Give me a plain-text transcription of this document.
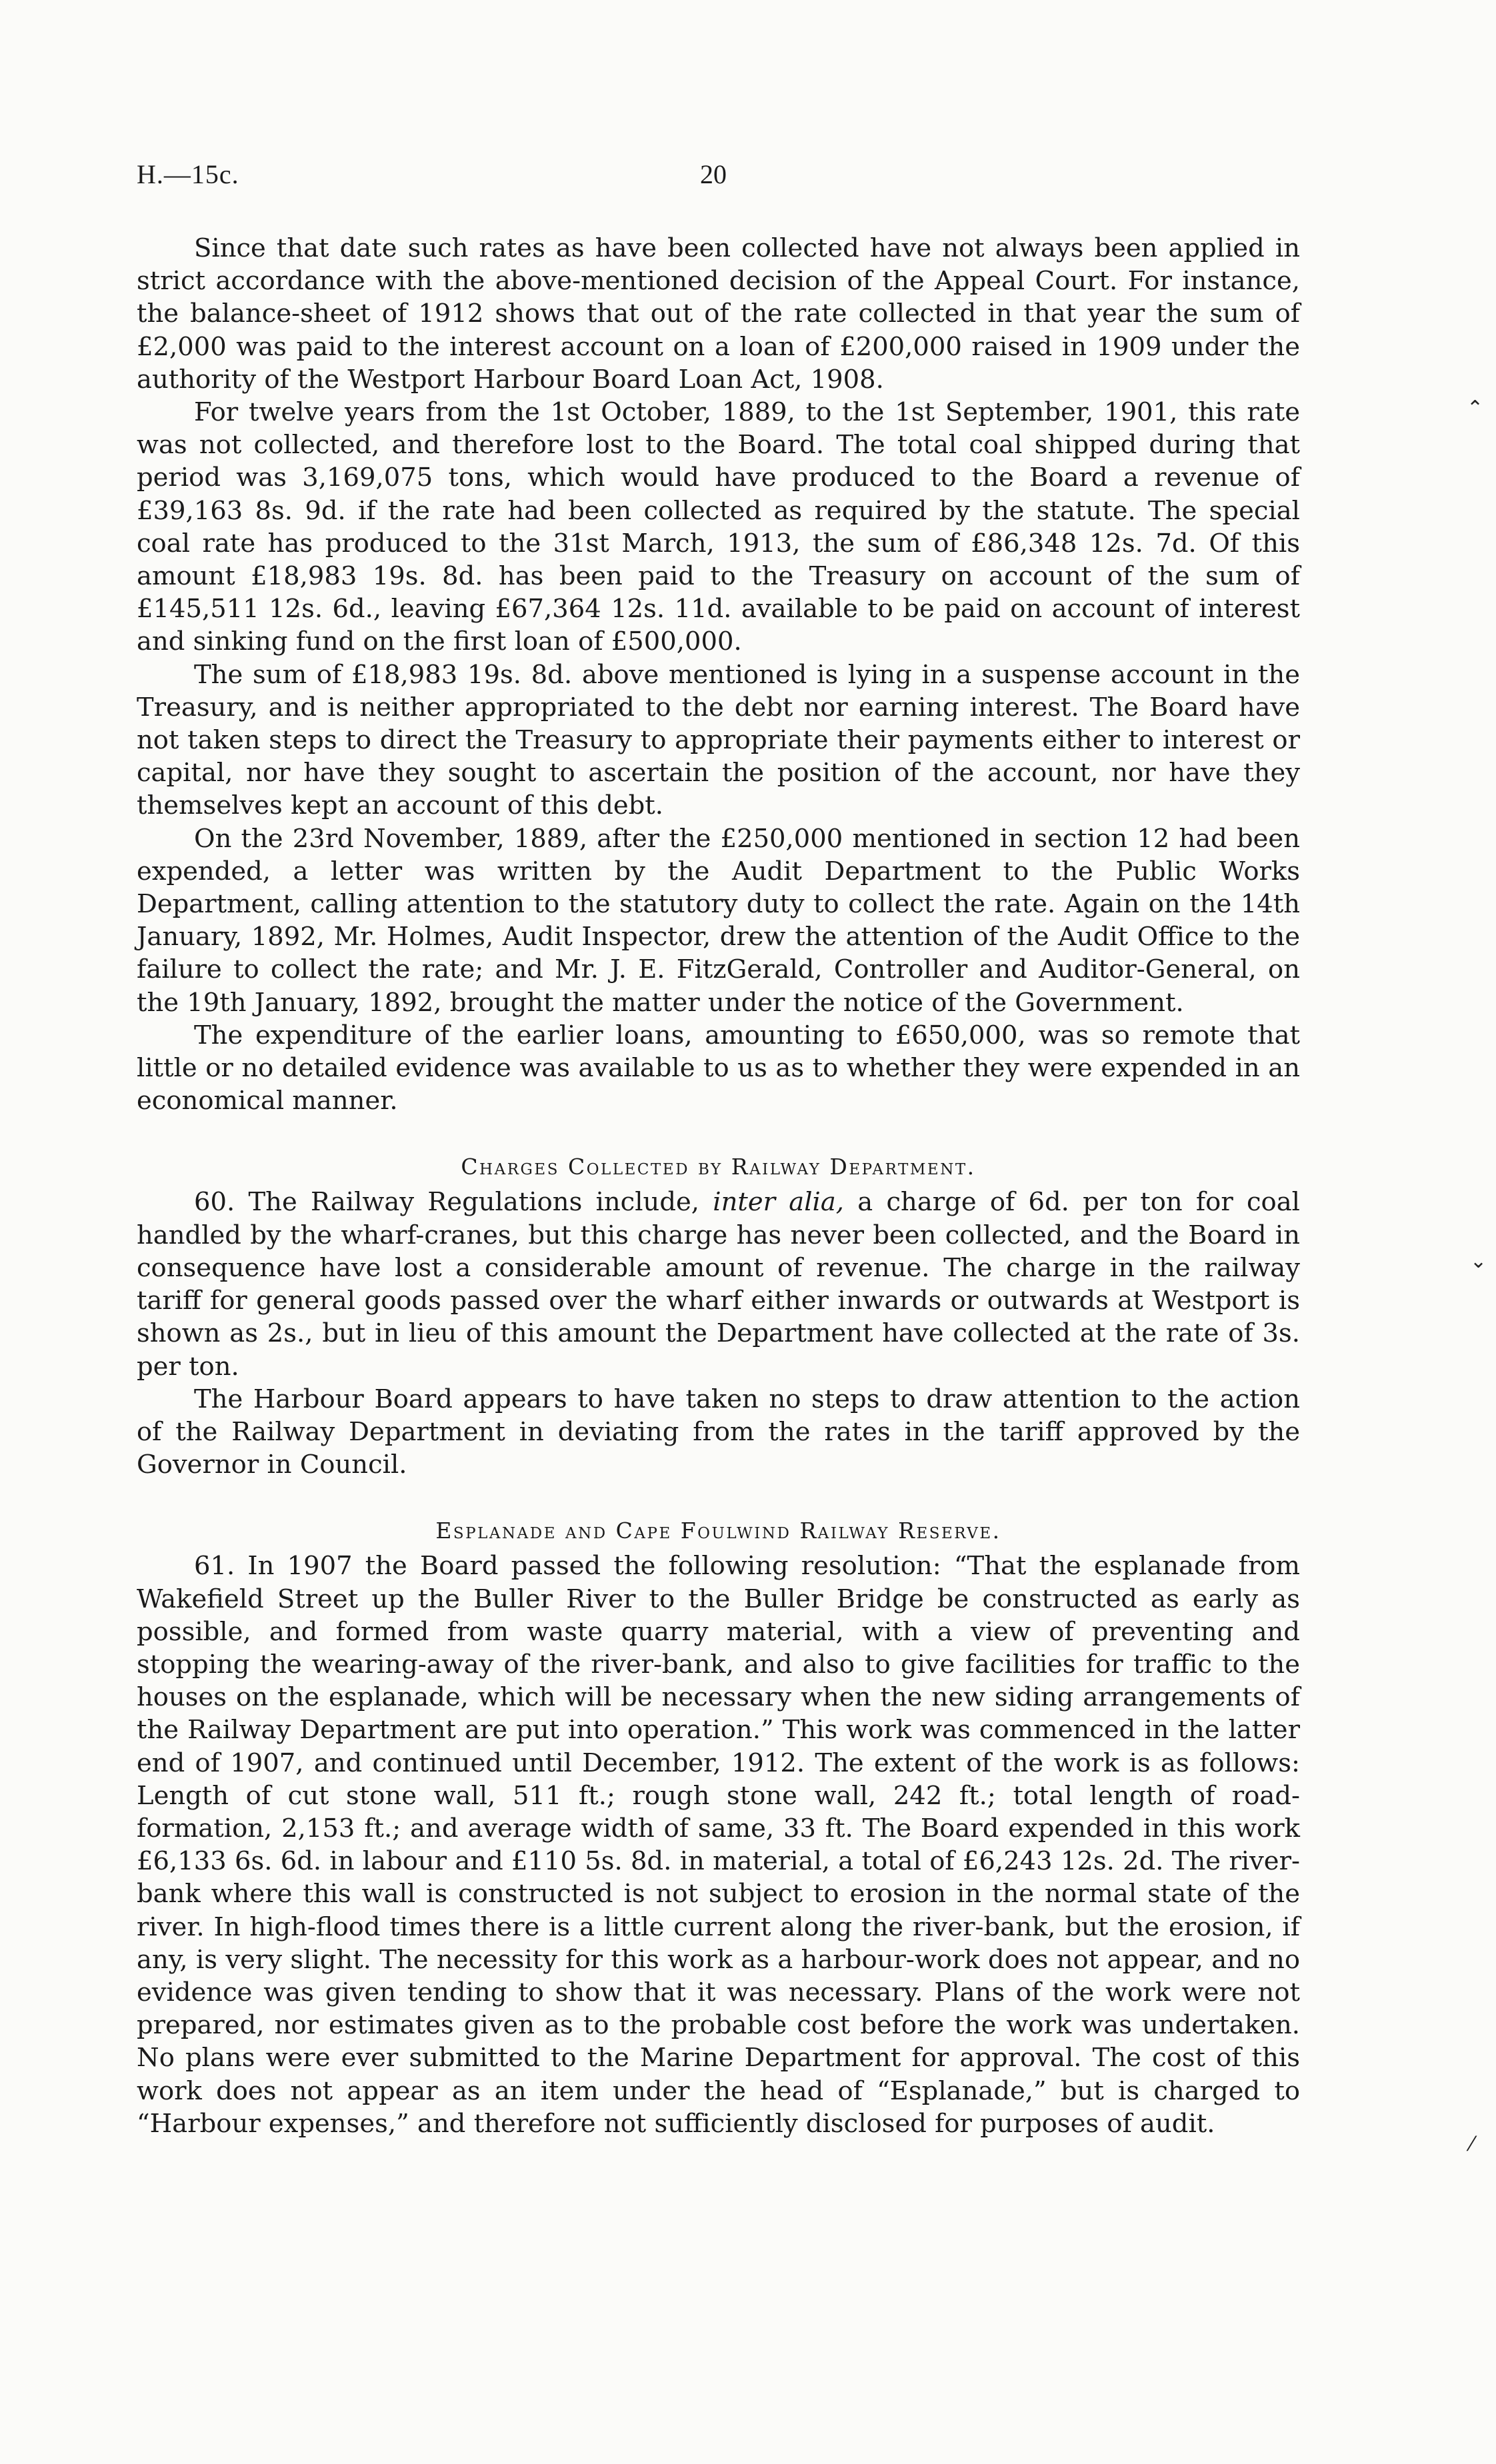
H.—15c.	20

Since that date such rates as have been collected have not always been applied in strict accordance with the above-mentioned decision of the Appeal Court. For instance, the balance-sheet of 1912 shows that out of the rate collected in that year the sum of £2,000 was paid to the interest account on a loan of £200,000 raised in 1909 under the authority of the Westport Harbour Board Loan Act, 1908.

For twelve years from the 1st October, 1889, to the 1st September, 1901, this rate was not collected, and therefore lost to the Board. The total coal shipped during that period was 3,169,075 tons, which would have produced to the Board a revenue of £39,163 8s. 9d. if the rate had been collected as required by the statute. The special coal rate has produced to the 31st March, 1913, the sum of £86,348 12s. 7d. Of this amount £18,983 19s. 8d. has been paid to the Treasury on account of the sum of £145,511 12s. 6d., leaving £67,364 12s. 11d. available to be paid on account of interest and sinking fund on the first loan of £500,000.

The sum of £18,983 19s. 8d. above mentioned is lying in a suspense account in the Treasury, and is neither appropriated to the debt nor earning interest. The Board have not taken steps to direct the Treasury to appropriate their payments either to interest or capital, nor have they sought to ascertain the position of the account, nor have they themselves kept an account of this debt.

On the 23rd November, 1889, after the £250,000 mentioned in section 12 had been expended, a letter was written by the Audit Department to the Public Works Department, calling attention to the statutory duty to collect the rate. Again on the 14th January, 1892, Mr. Holmes, Audit Inspector, drew the attention of the Audit Office to the failure to collect the rate; and Mr. J. E. FitzGerald, Controller and Auditor-General, on the 19th January, 1892, brought the matter under the notice of the Government.

The expenditure of the earlier loans, amounting to £650,000, was so remote that little or no detailed evidence was available to us as to whether they were expended in an economical manner.

Charges Collected by Railway Department.

60. The Railway Regulations include, inter alia, a charge of 6d. per ton for coal handled by the wharf-cranes, but this charge has never been collected, and the Board in consequence have lost a considerable amount of revenue. The charge in the railway tariff for general goods passed over the wharf either inwards or outwards at Westport is shown as 2s., but in lieu of this amount the Department have collected at the rate of 3s. per ton.

The Harbour Board appears to have taken no steps to draw attention to the action of the Railway Department in deviating from the rates in the tariff approved by the Governor in Council.

Esplanade and Cape Foulwind Railway Reserve.

61. In 1907 the Board passed the following resolution: “That the esplanade from Wakefield Street up the Buller River to the Buller Bridge be constructed as early as possible, and formed from waste quarry material, with a view of preventing and stopping the wearing-away of the river-bank, and also to give facilities for traffic to the houses on the esplanade, which will be necessary when the new siding arrangements of the Railway Department are put into operation.” This work was commenced in the latter end of 1907, and continued until December, 1912. The extent of the work is as follows: Length of cut stone wall, 511 ft.; rough stone wall, 242 ft.; total length of road-formation, 2,153 ft.; and average width of same, 33 ft. The Board expended in this work £6,133 6s. 6d. in labour and £110 5s. 8d. in material, a total of £6,243 12s. 2d. The river-bank where this wall is constructed is not subject to erosion in the normal state of the river. In high-flood times there is a little current along the river-bank, but the erosion, if any, is very slight. The necessity for this work as a harbour-work does not appear, and no evidence was given tending to show that it was necessary. Plans of the work were not prepared, nor estimates given as to the probable cost before the work was undertaken. No plans were ever submitted to the Marine Department for approval. The cost of this work does not appear as an item under the head of “Esplanade,” but is charged to “Harbour expenses,” and therefore not sufficiently disclosed for purposes of audit.

⌃
⌄
⁄
